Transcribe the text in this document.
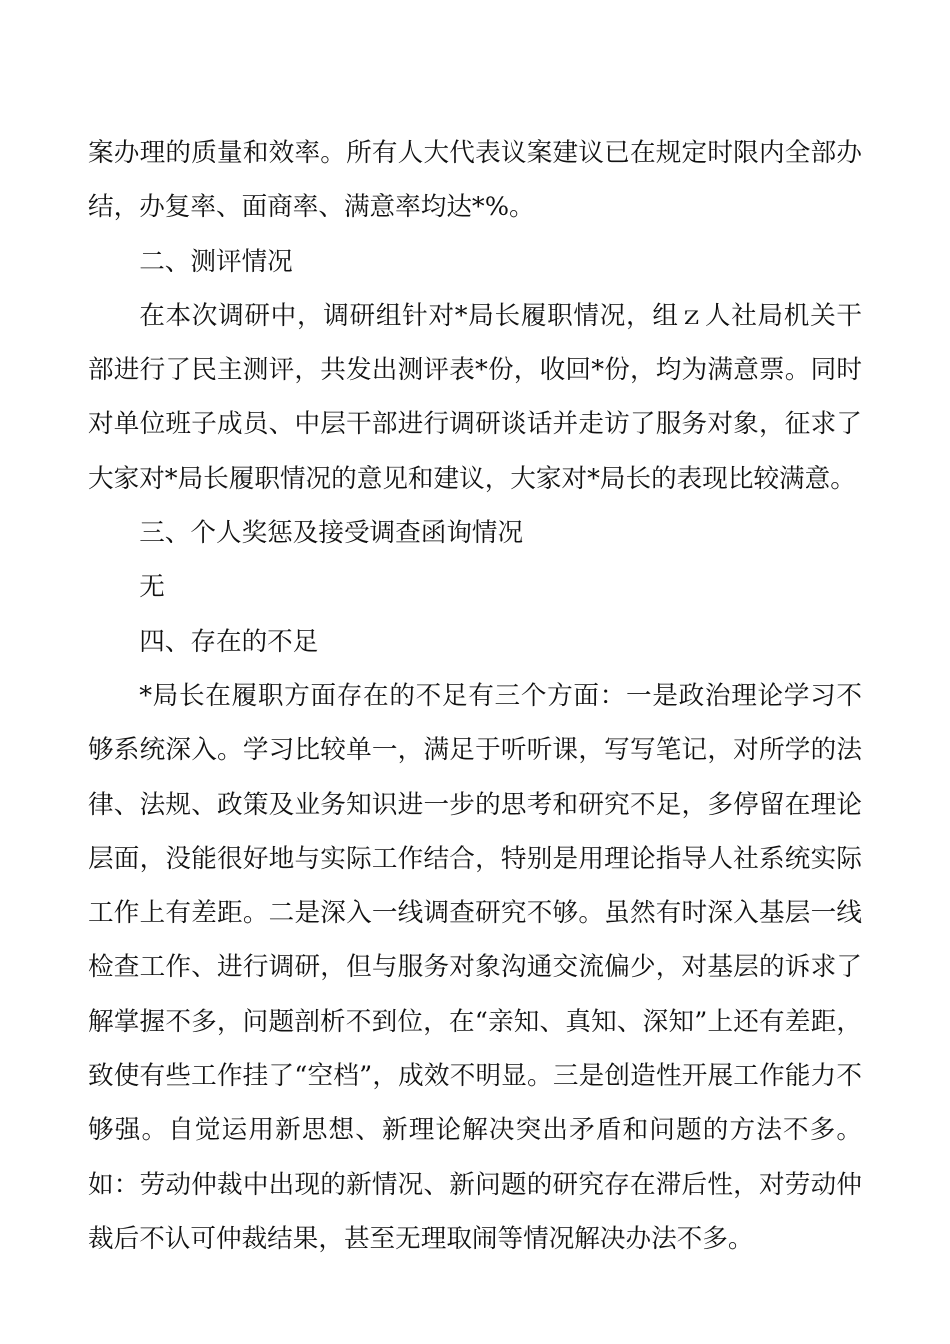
案办理的质量和效率。所有人大代表议案建议已在规定时限内全部办结，办复率、面商率、满意率均达*%。

二、测评情况

在本次调研中，调研组针对*局长履职情况，组ｚ人社局机关干部进行了民主测评，共发出测评表*份，收回*份，均为满意票。同时对单位班子成员、中层干部进行调研谈话并走访了服务对象，征求了大家对*局长履职情况的意见和建议，大家对*局长的表现比较满意。

三、个人奖惩及接受调查函询情况

无

四、存在的不足

*局长在履职方面存在的不足有三个方面：一是政治理论学习不够系统深入。学习比较单一，满足于听听课，写写笔记，对所学的法律、法规、政策及业务知识进一步的思考和研究不足，多停留在理论层面，没能很好地与实际工作结合，特别是用理论指导人社系统实际工作上有差距。二是深入一线调查研究不够。虽然有时深入基层一线检查工作、进行调研，但与服务对象沟通交流偏少，对基层的诉求了解掌握不多，问题剖析不到位，在“亲知、真知、深知”上还有差距，致使有些工作挂了“空档”，成效不明显。三是创造性开展工作能力不够强。自觉运用新思想、新理论解决突出矛盾和问题的方法不多。如：劳动仲裁中出现的新情况、新问题的研究存在滞后性，对劳动仲裁后不认可仲裁结果，甚至无理取闹等情况解决办法不多。
